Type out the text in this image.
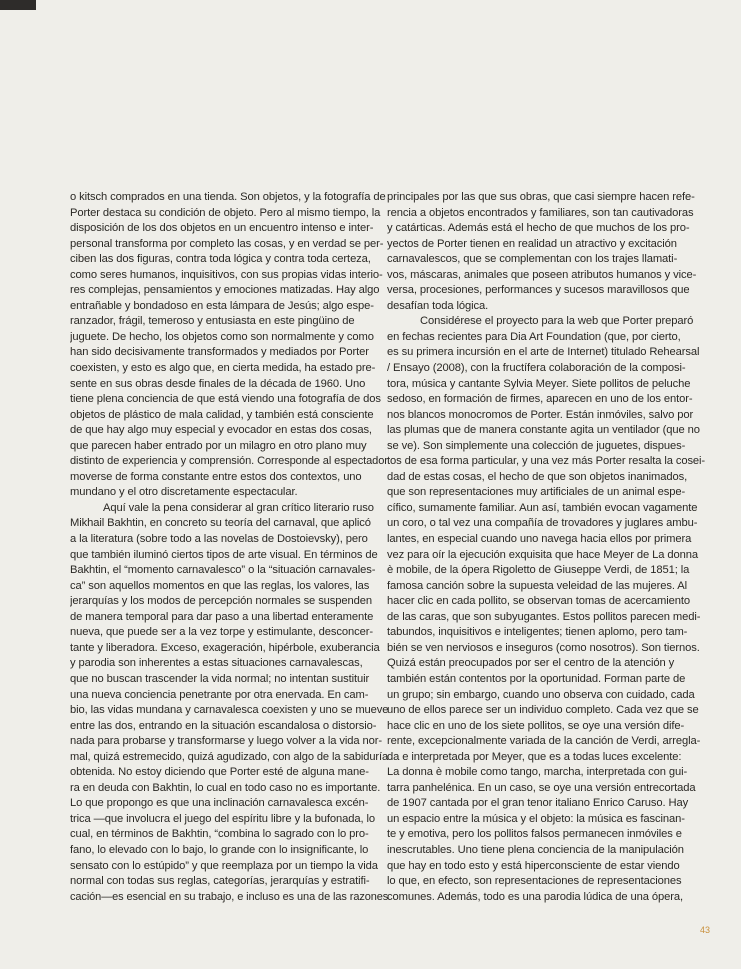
o kitsch comprados en una tienda. Son objetos, y la fotografía de
Porter destaca su condición de objeto. Pero al mismo tiempo, la
disposición de los dos objetos en un encuentro intenso e inter-
personal transforma por completo las cosas, y en verdad se per-
ciben las dos figuras, contra toda lógica y contra toda certeza,
como seres humanos, inquisitivos, con sus propias vidas interio-
res complejas, pensamientos y emociones matizadas. Hay algo
entrañable y bondadoso en esta lámpara de Jesús; algo espe-
ranzador, frágil, temeroso y entusiasta en este pingüino de
juguete. De hecho, los objetos como son normalmente y como
han sido decisivamente transformados y mediados por Porter
coexisten, y esto es algo que, en cierta medida, ha estado pre-
sente en sus obras desde finales de la década de 1960. Uno
tiene plena conciencia de que está viendo una fotografía de dos
objetos de plástico de mala calidad, y también está consciente
de que hay algo muy especial y evocador en estas dos cosas,
que parecen haber entrado por un milagro en otro plano muy
distinto de experiencia y comprensión. Corresponde al espectador
moverse de forma constante entre estos dos contextos, uno
mundano y el otro discretamente espectacular.
Aquí vale la pena considerar al gran crítico literario ruso
Mikhail Bakhtin, en concreto su teoría del carnaval, que aplicó
a la literatura (sobre todo a las novelas de Dostoievsky), pero
que también iluminó ciertos tipos de arte visual. En términos de
Bakhtin, el “momento carnavalesco” o la “situación carnavales-
ca” son aquellos momentos en que las reglas, los valores, las
jerarquías y los modos de percepción normales se suspenden
de manera temporal para dar paso a una libertad enteramente
nueva, que puede ser a la vez torpe y estimulante, desconcer-
tante y liberadora. Exceso, exageración, hipérbole, exuberancia
y parodia son inherentes a estas situaciones carnavalescas,
que no buscan trascender la vida normal; no intentan sustituir
una nueva conciencia penetrante por otra enervada. En cam-
bio, las vidas mundana y carnavalesca coexisten y uno se mueve
entre las dos, entrando en la situación escandalosa o distorsio-
nada para probarse y transformarse y luego volver a la vida nor-
mal, quizá estremecido, quizá agudizado, con algo de la sabiduría
obtenida. No estoy diciendo que Porter esté de alguna mane-
ra en deuda con Bakhtin, lo cual en todo caso no es importante.
Lo que propongo es que una inclinación carnavalesca excén-
trica —que involucra el juego del espíritu libre y la bufonada, lo
cual, en términos de Bakhtin, “combina lo sagrado con lo pro-
fano, lo elevado con lo bajo, lo grande con lo insignificante, lo
sensato con lo estúpido” y que reemplaza por un tiempo la vida
normal con todas sus reglas, categorías, jerarquías y estratifi-
cación—es esencial en su trabajo, e incluso es una de las razones
principales por las que sus obras, que casi siempre hacen refe-
rencia a objetos encontrados y familiares, son tan cautivadoras
y catárticas. Además está el hecho de que muchos de los pro-
yectos de Porter tienen en realidad un atractivo y excitación
carnavalescos, que se complementan con los trajes llamati-
vos, máscaras, animales que poseen atributos humanos y vice-
versa, procesiones, performances y sucesos maravillosos que
desafían toda lógica.
Considérese el proyecto para la web que Porter preparó
en fechas recientes para Dia Art Foundation (que, por cierto,
es su primera incursión en el arte de Internet) titulado Rehearsal
/ Ensayo (2008), con la fructífera colaboración de la composi-
tora, música y cantante Sylvia Meyer. Siete pollitos de peluche
sedoso, en formación de firmes, aparecen en uno de los entor-
nos blancos monocromos de Porter. Están inmóviles, salvo por
las plumas que de manera constante agita un ventilador (que no
se ve). Son simplemente una colección de juguetes, dispues-
tos de esa forma particular, y una vez más Porter resalta la cosei-
dad de estas cosas, el hecho de que son objetos inanimados,
que son representaciones muy artificiales de un animal espe-
cífico, sumamente familiar. Aun así, también evocan vagamente
un coro, o tal vez una compañía de trovadores y juglares ambu-
lantes, en especial cuando uno navega hacia ellos por primera
vez para oír la ejecución exquisita que hace Meyer de La donna
è mobile, de la ópera Rigoletto de Giuseppe Verdi, de 1851; la
famosa canción sobre la supuesta veleidad de las mujeres. Al
hacer clic en cada pollito, se observan tomas de acercamiento
de las caras, que son subyugantes. Estos pollitos parecen medi-
tabundos, inquisitivos e inteligentes; tienen aplomo, pero tam-
bién se ven nerviosos e inseguros (como nosotros). Son tiernos.
Quizá están preocupados por ser el centro de la atención y
también están contentos por la oportunidad. Forman parte de
un grupo; sin embargo, cuando uno observa con cuidado, cada
uno de ellos parece ser un individuo completo. Cada vez que se
hace clic en uno de los siete pollitos, se oye una versión dife-
rente, excepcionalmente variada de la canción de Verdi, arregla-
da e interpretada por Meyer, que es a todas luces excelente:
La donna è mobile como tango, marcha, interpretada con gui-
tarra panhelénica. En un caso, se oye una versión entrecortada
de 1907 cantada por el gran tenor italiano Enrico Caruso. Hay
un espacio entre la música y el objeto: la música es fascinan-
te y emotiva, pero los pollitos falsos permanecen inmóviles e
inescrutables. Uno tiene plena conciencia de la manipulación
que hay en todo esto y está hiperconsciente de estar viendo
lo que, en efecto, son representaciones de representaciones
comunes. Además, todo es una parodia lúdica de una ópera,
43
